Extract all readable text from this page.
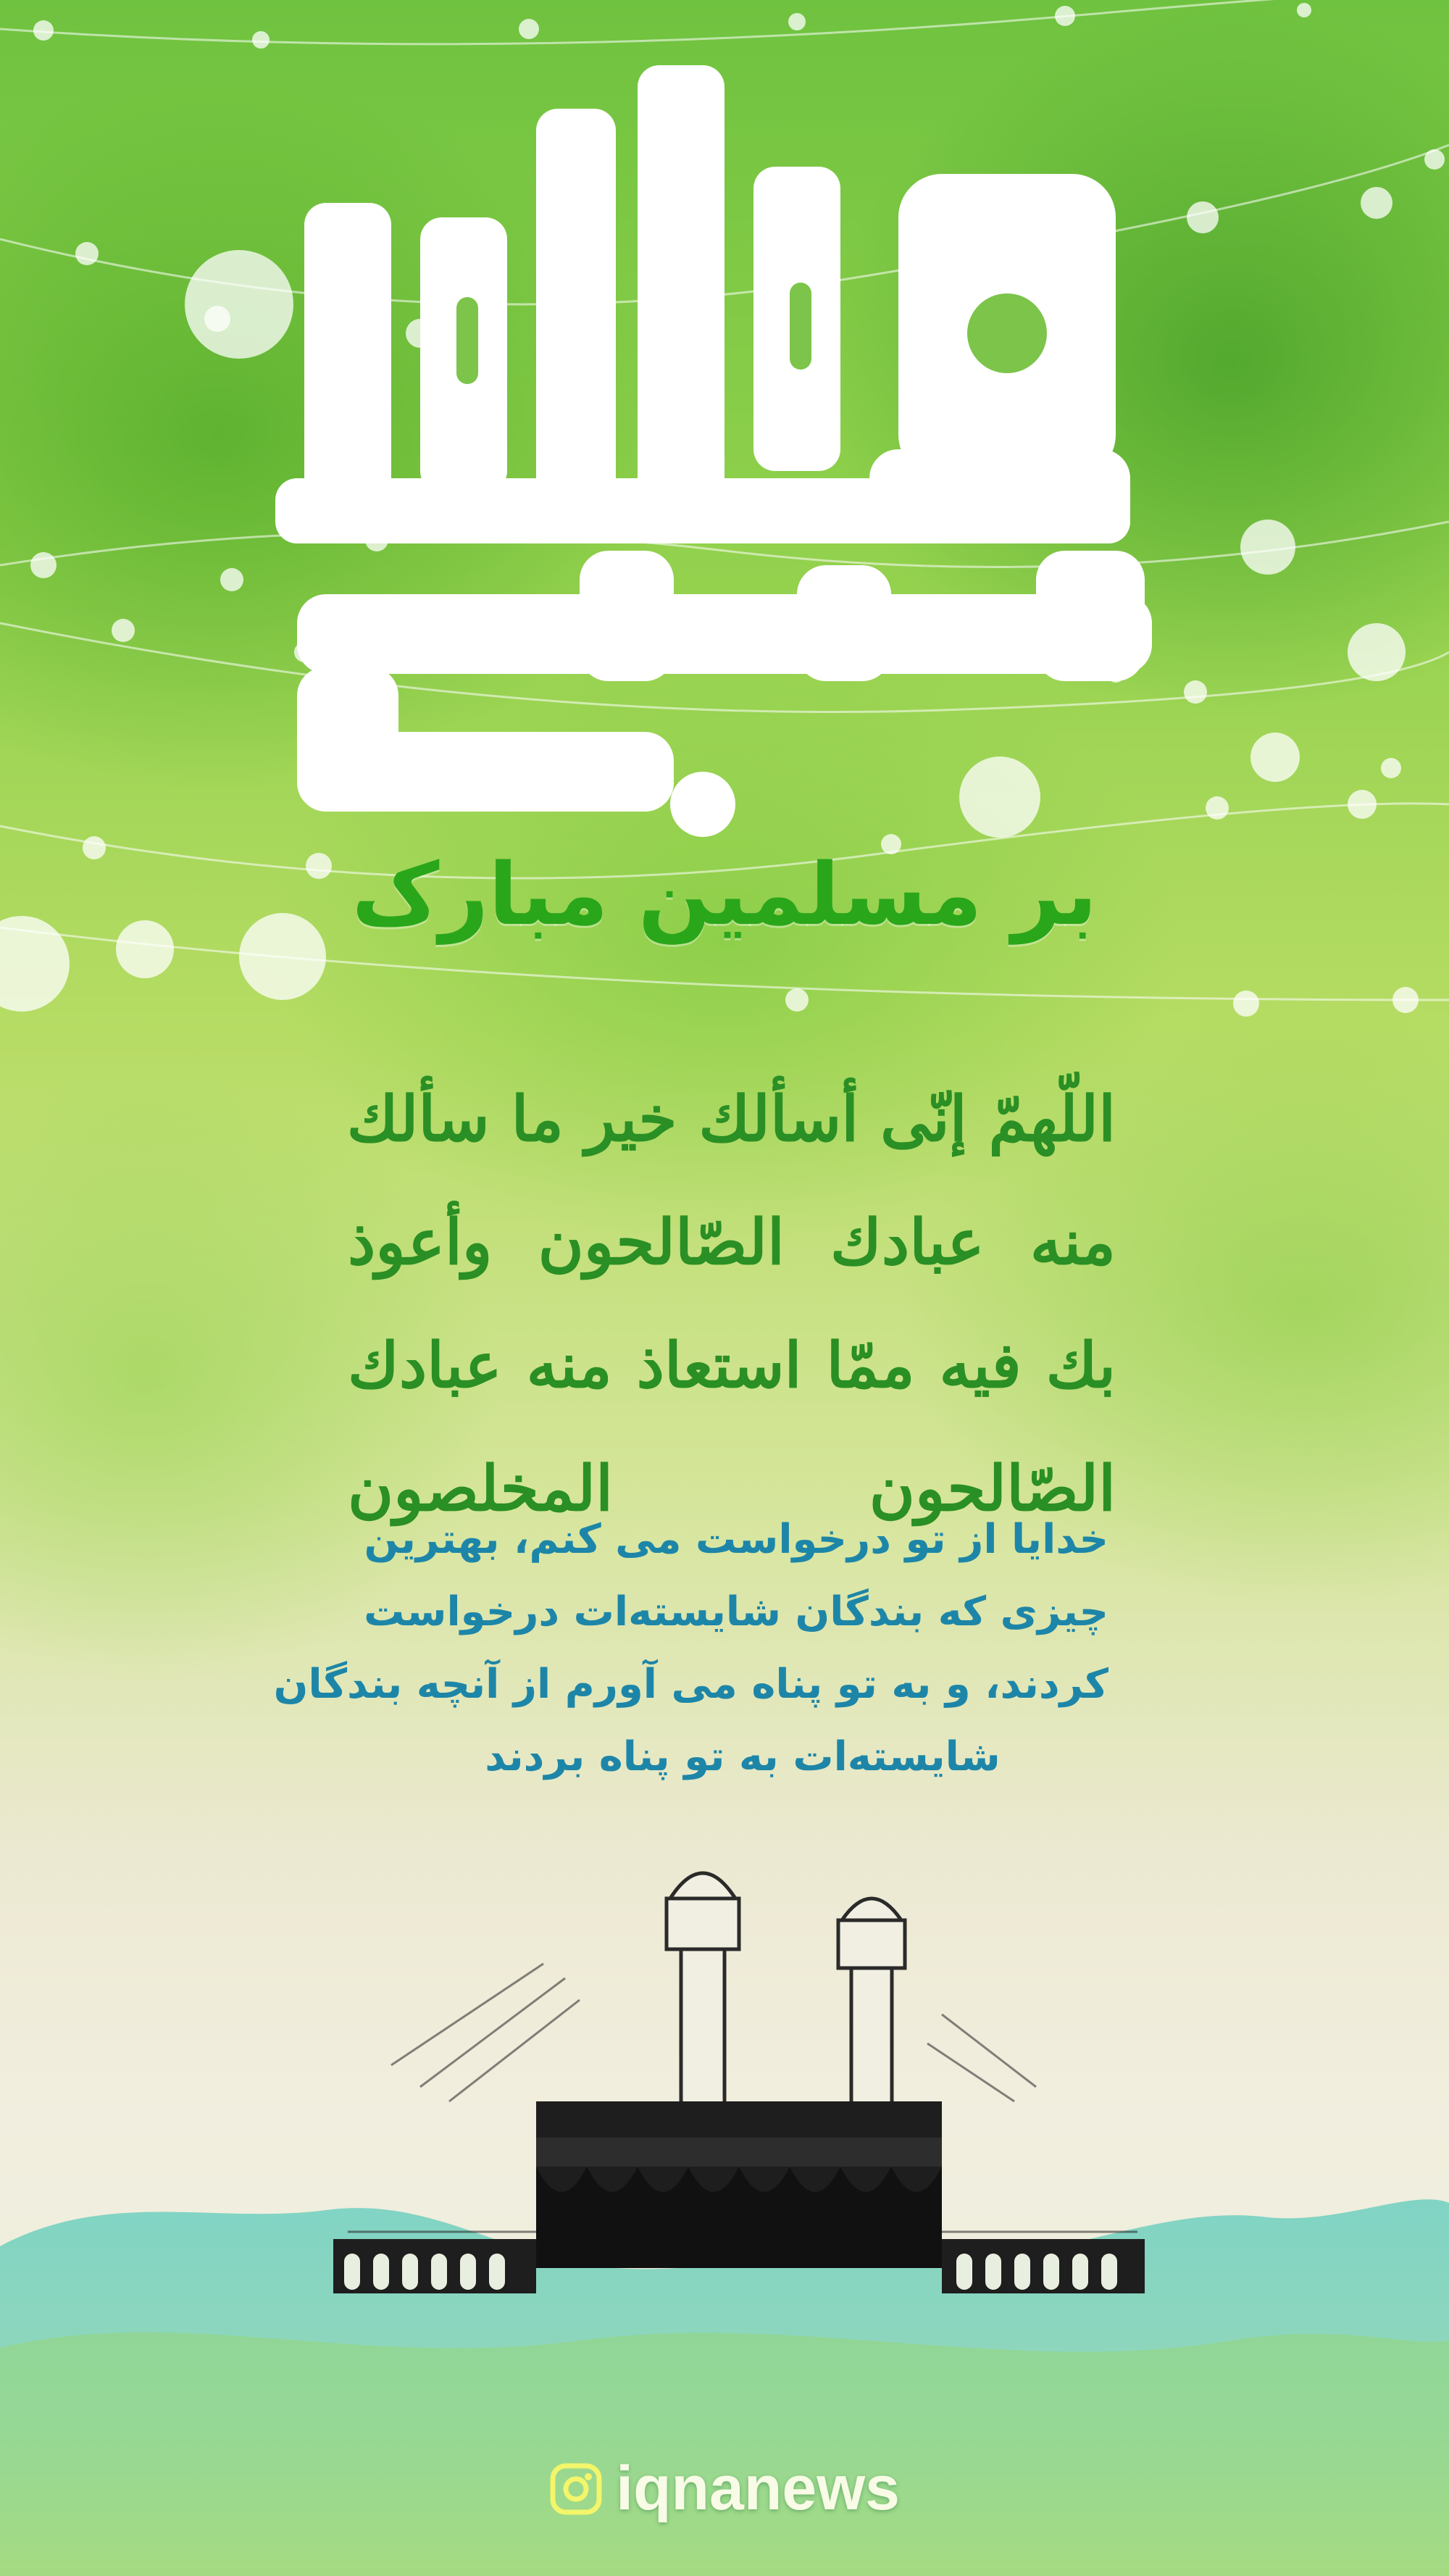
عید قربان
بر مسلمین مبارک
اللّهمّ إنّی أسألك خیر ما سألك
منه عبادك الصّالحون وأعوذ
بك فیه ممّا استعاذ منه عبادك
الصّالحون المخلصون
خدایا از تو درخواست می کنم، بهترین
چیزی که بندگان شایسته‌ات درخواست
کردند، و به تو پناه می آورم از آنچه بندگان
شایسته‌ات به تو پناه بردند
iqnanews
